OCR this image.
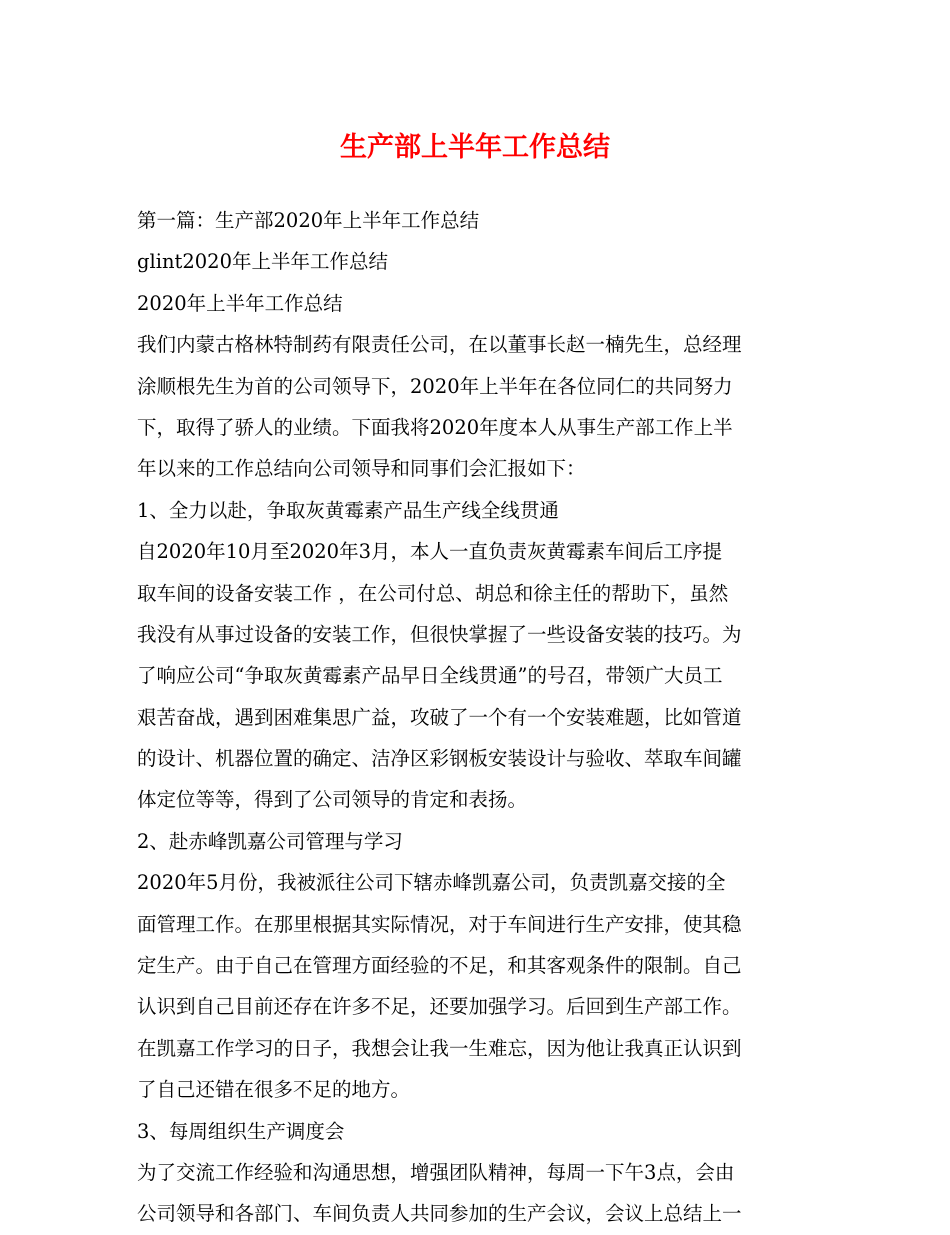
生产部上半年工作总结
第一篇：生产部2020年上半年工作总结
glint2020年上半年工作总结
2020年上半年工作总结
我们内蒙古格林特制药有限责任公司，在以董事长赵一楠先生，总经理
涂顺根先生为首的公司领导下，2020年上半年在各位同仁的共同努力
下，取得了骄人的业绩。下面我将2020年度本人从事生产部工作上半
年以来的工作总结向公司领导和同事们会汇报如下：
1、全力以赴，争取灰黄霉素产品生产线全线贯通
自2020年10月至2020年3月，本人一直负责灰黄霉素车间后工序提
取车间的设备安装工作 ，在公司付总、胡总和徐主任的帮助下，虽然
我没有从事过设备的安装工作，但很快掌握了一些设备安装的技巧。为
了响应公司“争取灰黄霉素产品早日全线贯通”的号召，带领广大员工
艰苦奋战，遇到困难集思广益，攻破了一个有一个安装难题，比如管道
的设计、机器位置的确定、洁净区彩钢板安装设计与验收、萃取车间罐
体定位等等，得到了公司领导的肯定和表扬。
2、赴赤峰凯嘉公司管理与学习
2020年5月份，我被派往公司下辖赤峰凯嘉公司，负责凯嘉交接的全
面管理工作。在那里根据其实际情况，对于车间进行生产安排，使其稳
定生产。由于自己在管理方面经验的不足，和其客观条件的限制。自己
认识到自己目前还存在许多不足，还要加强学习。后回到生产部工作。
在凯嘉工作学习的日子，我想会让我一生难忘，因为他让我真正认识到
了自己还错在很多不足的地方。
3、每周组织生产调度会
为了交流工作经验和沟通思想，增强团队精神，每周一下午3点，会由
公司领导和各部门、车间负责人共同参加的生产会议，会议上总结上一
